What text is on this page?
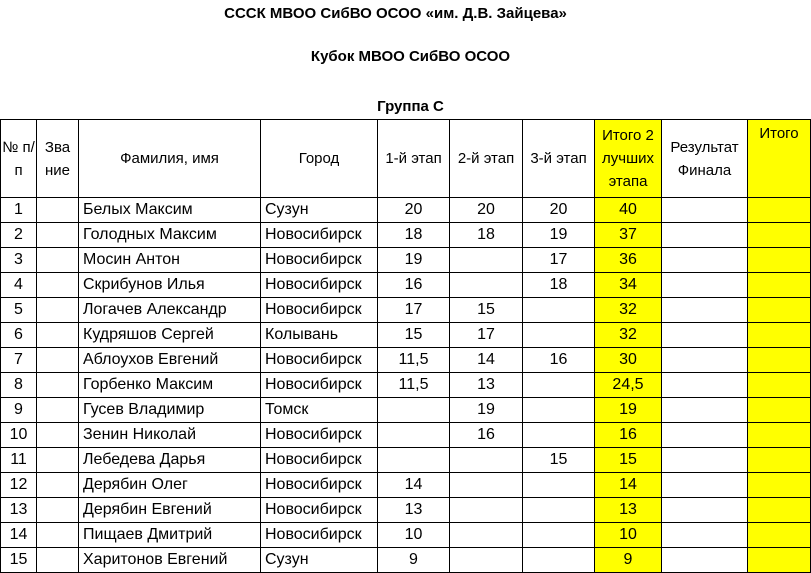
СССК МВОО СибВО ОСОО «им. Д.В. Зайцева»
Кубок МВОО СибВО ОСОО
Группа С
№ п/п	Зва ние	Фамилия, имя	Город	1-й этап	2-й этап	3-й этап	Итого 2 лучших этапа	Результат Финала	Итого
1		Белых Максим	Сузун	20	20	20	40		
2		Голодных Максим	Новосибирск	18	18	19	37		
3		Мосин Антон	Новосибирск	19		17	36		
4		Скрибунов Илья	Новосибирск	16		18	34		
5		Логачев Александр	Новосибирск	17	15		32		
6		Кудряшов Сергей	Колывань	15	17		32		
7		Аблоухов Евгений	Новосибирск	11,5	14	16	30		
8		Горбенко Максим	Новосибирск	11,5	13		24,5		
9		Гусев Владимир	Томск		19		19		
10		Зенин Николай	Новосибирск		16		16		
11		Лебедева Дарья	Новосибирск			15	15		
12		Дерябин Олег	Новосибирск	14			14		
13		Дерябин Евгений	Новосибирск	13			13		
14		Пищаев Дмитрий	Новосибирск	10			10		
15		Харитонов Евгений	Сузун	9			9		
